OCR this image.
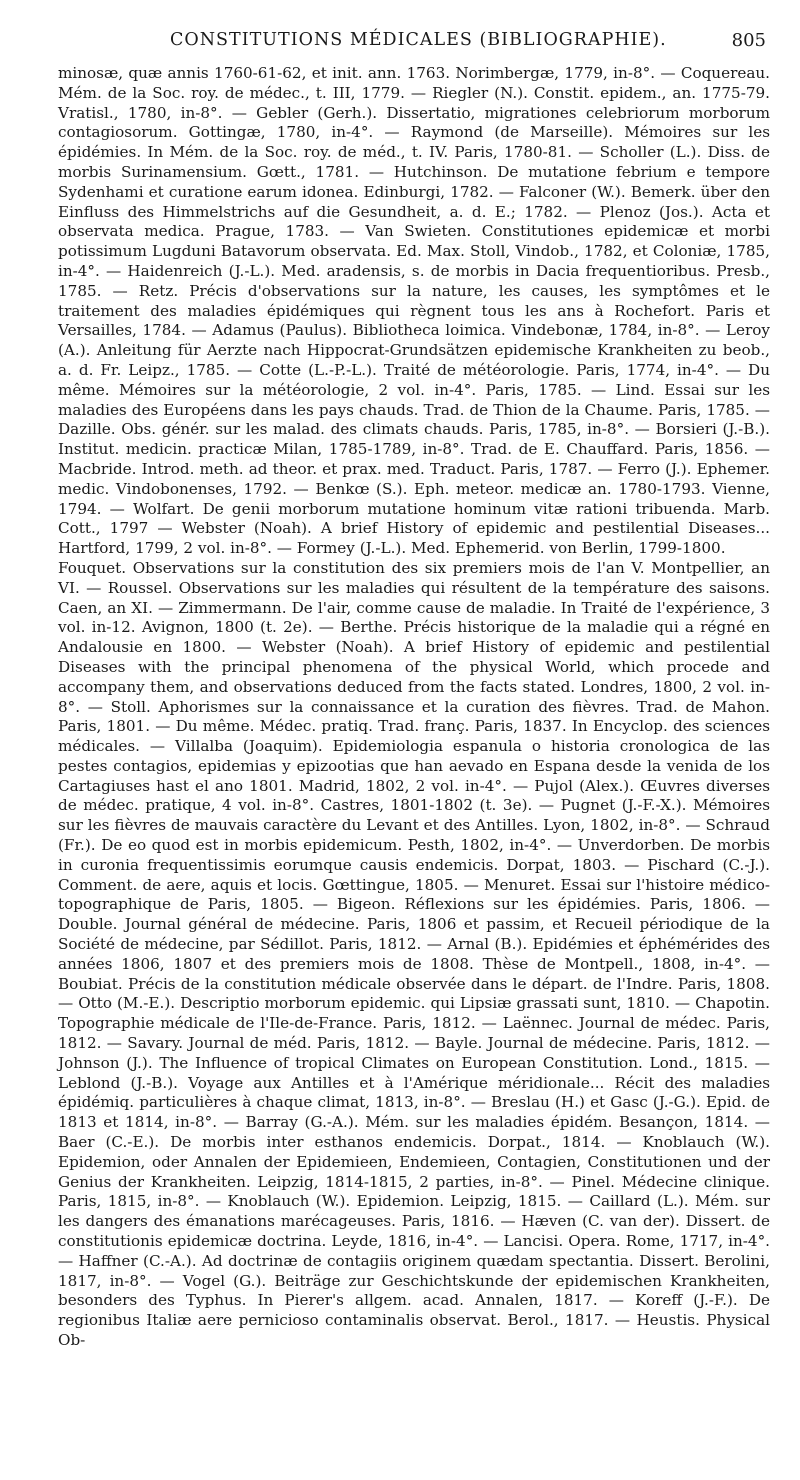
CONSTITUTIONS MÉDICALES (BIBLIOGRAPHIE).	805

minosæ, quæ annis 1760-61-62, et init. ann. 1763. Norimbergæ, 1779, in-8°. — Coquereau. Mém. de la Soc. roy. de médec., t. III, 1779. — Riegler (N.). Constit. epidem., an. 1775-79. Vratisl., 1780, in-8°. — Gebler (Gerh.). Dissertatio, migrationes celebriorum morborum contagiosorum. Gottingæ, 1780, in-4°. — Raymond (de Marseille). Mémoires sur les épidémies. In Mém. de la Soc. roy. de méd., t. IV. Paris, 1780-81. — Scholler (L.). Diss. de morbis Surinamensium. Gœtt., 1781. — Hutchinson. De mutatione febrium e tempore Sydenhami et curatione earum idonea. Edinburgi, 1782. — Falconer (W.). Bemerk. über den Einfluss des Himmelstrichs auf die Gesundheit, a. d. E.; 1782. — Plenoz (Jos.). Acta et observata medica. Prague, 1783. — Van Swieten. Constitutiones epidemicæ et morbi potissimum Lugduni Batavorum observata. Ed. Max. Stoll, Vindob., 1782, et Coloniæ, 1785, in-4°. — Haidenreich (J.-L.). Med. aradensis, s. de morbis in Dacia frequentioribus. Presb., 1785. — Retz. Précis d'observations sur la nature, les causes, les symptômes et le traitement des maladies épidémiques qui règnent tous les ans à Rochefort. Paris et Versailles, 1784. — Adamus (Paulus). Bibliotheca loimica. Vindebonæ, 1784, in-8°. — Leroy (A.). Anleitung für Aerzte nach Hippocrat-Grundsätzen epidemische Krankheiten zu beob., a. d. Fr. Leipz., 1785. — Cotte (L.-P.-L.). Traité de météorologie. Paris, 1774, in-4°. — Du même. Mémoires sur la météorologie, 2 vol. in-4°. Paris, 1785. — Lind. Essai sur les maladies des Européens dans les pays chauds. Trad. de Thion de la Chaume. Paris, 1785. — Dazille. Obs. génér. sur les malad. des climats chauds. Paris, 1785, in-8°. — Borsieri (J.-B.). Institut. medicin. practicæ Milan, 1785-1789, in-8°. Trad. de E. Chauffard. Paris, 1856. — Macbride. Introd. meth. ad theor. et prax. med. Traduct. Paris, 1787. — Ferro (J.). Ephemer. medic. Vindobonenses, 1792. — Benkœ (S.). Eph. meteor. medicæ an. 1780-1793. Vienne, 1794. — Wolfart. De genii morborum mutatione hominum vitæ rationi tribuenda. Marb. Cott., 1797 — Webster (Noah). A brief History of epidemic and pestilential Diseases... Hartford, 1799, 2 vol. in-8°. — Formey (J.-L.). Med. Ephemerid. von Berlin, 1799-1800.

Fouquet. Observations sur la constitution des six premiers mois de l'an V. Montpellier, an VI. — Roussel. Observations sur les maladies qui résultent de la température des saisons. Caen, an XI. — Zimmermann. De l'air, comme cause de maladie. In Traité de l'expérience, 3 vol. in-12. Avignon, 1800 (t. 2e). — Berthe. Précis historique de la maladie qui a régné en Andalousie en 1800. — Webster (Noah). A brief History of epidemic and pestilential Diseases with the principal phenomena of the physical World, which procede and accompany them, and observations deduced from the facts stated. Londres, 1800, 2 vol. in-8°. — Stoll. Aphorismes sur la connaissance et la curation des fièvres. Trad. de Mahon. Paris, 1801. — Du même. Médec. pratiq. Trad. franç. Paris, 1837. In Encyclop. des sciences médicales. — Villalba (Joaquim). Epidemiologia espanula o historia cronologica de las pestes contagios, epidemias y epizootias que han aevado en Espana desde la venida de los Cartagiuses hast el ano 1801. Madrid, 1802, 2 vol. in-4°. — Pujol (Alex.). Œuvres diverses de médec. pratique, 4 vol. in-8°. Castres, 1801-1802 (t. 3e). — Pugnet (J.-F.-X.). Mémoires sur les fièvres de mauvais caractère du Levant et des Antilles. Lyon, 1802, in-8°. — Schraud (Fr.). De eo quod est in morbis epidemicum. Pesth, 1802, in-4°. — Unverdorben. De morbis in curonia frequentissimis eorumque causis endemicis. Dorpat, 1803. — Pischard (C.-J.). Comment. de aere, aquis et locis. Gœttingue, 1805. — Menuret. Essai sur l'histoire médico-topographique de Paris, 1805. — Bigeon. Réflexions sur les épidémies. Paris, 1806. — Double. Journal général de médecine. Paris, 1806 et passim, et Recueil périodique de la Société de médecine, par Sédillot. Paris, 1812. — Arnal (B.). Epidémies et éphémérides des années 1806, 1807 et des premiers mois de 1808. Thèse de Montpell., 1808, in-4°. — Boubiat. Précis de la constitution médicale observée dans le départ. de l'Indre. Paris, 1808. — Otto (M.-E.). Descriptio morborum epidemic. qui Lipsiæ grassati sunt, 1810. — Chapotin. Topographie médicale de l'Ile-de-France. Paris, 1812. — Laënnec. Journal de médec. Paris, 1812. — Savary. Journal de méd. Paris, 1812. — Bayle. Journal de médecine. Paris, 1812. — Johnson (J.). The Influence of tropical Climates on European Constitution. Lond., 1815. — Leblond (J.-B.). Voyage aux Antilles et à l'Amérique méridionale... Récit des maladies épidémiq. particulières à chaque climat, 1813, in-8°. — Breslau (H.) et Gasc (J.-G.). Epid. de 1813 et 1814, in-8°. — Barray (G.-A.). Mém. sur les maladies épidém. Besançon, 1814. — Baer (C.-E.). De morbis inter esthanos endemicis. Dorpat., 1814. — Knoblauch (W.). Epidemion, oder Annalen der Epidemieen, Endemieen, Contagien, Constitutionen und der Genius der Krankheiten. Leipzig, 1814-1815, 2 parties, in-8°. — Pinel. Médecine clinique. Paris, 1815, in-8°. — Knoblauch (W.). Epidemion. Leipzig, 1815. — Caillard (L.). Mém. sur les dangers des émanations marécageuses. Paris, 1816. — Hæven (C. van der). Dissert. de constitutionis epidemicæ doctrina. Leyde, 1816, in-4°. — Lancisi. Opera. Rome, 1717, in-4°. — Haffner (C.-A.). Ad doctrinæ de contagiis originem quædam spectantia. Dissert. Berolini, 1817, in-8°. — Vogel (G.). Beiträge zur Geschichtskunde der epidemischen Krankheiten, besonders des Typhus. In Pierer's allgem. acad. Annalen, 1817. — Koreff (J.-F.). De regionibus Italiæ aere pernicioso contaminalis observat. Berol., 1817. — Heustis. Physical Ob-
